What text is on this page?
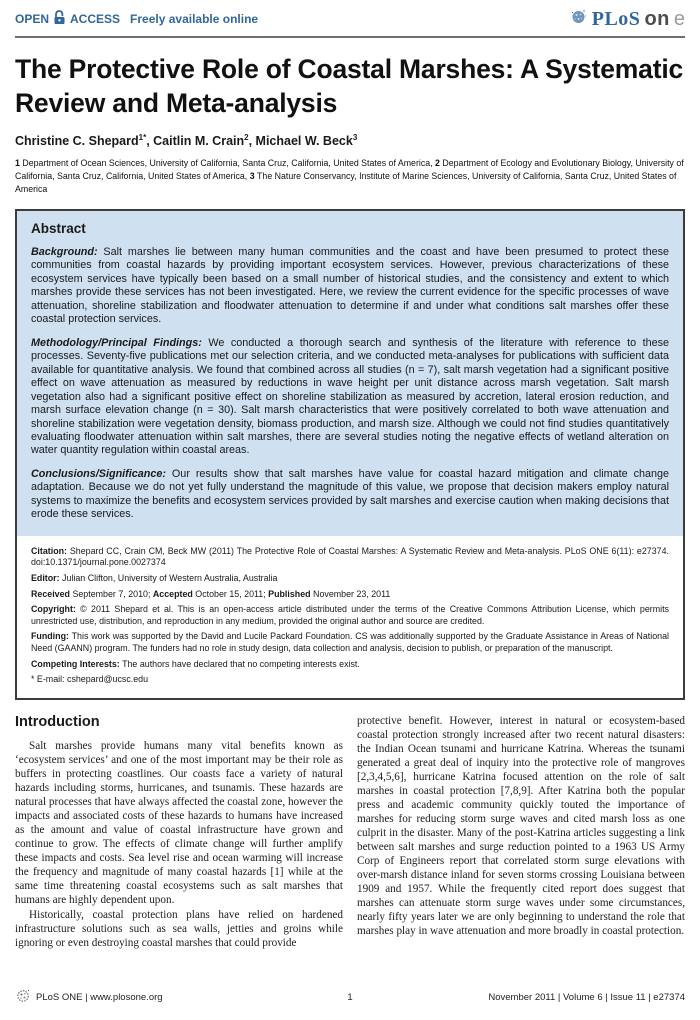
OPEN ACCESS Freely available online	PLoS on e
The Protective Role of Coastal Marshes: A Systematic Review and Meta-analysis
Christine C. Shepard$^{1*}$, Caitlin M. Crain$^2$, Michael W. Beck$^3$
1 Department of Ocean Sciences, University of California, Santa Cruz, California, United States of America, 2 Department of Ecology and Evolutionary Biology, University of California, Santa Cruz, California, United States of America, 3 The Nature Conservancy, Institute of Marine Sciences, University of California, Santa Cruz, United States of America
Abstract

Background: Salt marshes lie between many human communities and the coast and have been presumed to protect these communities from coastal hazards by providing important ecosystem services. However, previous characterizations of these ecosystem services have typically been based on a small number of historical studies, and the consistency and extent to which marshes provide these services has not been investigated. Here, we review the current evidence for the specific processes of wave attenuation, shoreline stabilization and floodwater attenuation to determine if and under what conditions salt marshes offer these coastal protection services.

Methodology/Principal Findings: We conducted a thorough search and synthesis of the literature with reference to these processes. Seventy-five publications met our selection criteria, and we conducted meta-analyses for publications with sufficient data available for quantitative analysis. We found that combined across all studies (n = 7), salt marsh vegetation had a significant positive effect on wave attenuation as measured by reductions in wave height per unit distance across marsh vegetation. Salt marsh vegetation also had a significant positive effect on shoreline stabilization as measured by accretion, lateral erosion reduction, and marsh surface elevation change (n = 30). Salt marsh characteristics that were positively correlated to both wave attenuation and shoreline stabilization were vegetation density, biomass production, and marsh size. Although we could not find studies quantitatively evaluating floodwater attenuation within salt marshes, there are several studies noting the negative effects of wetland alteration on water quantity regulation within coastal areas.

Conclusions/Significance: Our results show that salt marshes have value for coastal hazard mitigation and climate change adaptation. Because we do not yet fully understand the magnitude of this value, we propose that decision makers employ natural systems to maximize the benefits and ecosystem services provided by salt marshes and exercise caution when making decisions that erode these services.

Citation: Shepard CC, Crain CM, Beck MW (2011) The Protective Role of Coastal Marshes: A Systematic Review and Meta-analysis. PLoS ONE 6(11): e27374. doi:10.1371/journal.pone.0027374

Editor: Julian Clifton, University of Western Australia, Australia

Received September 7, 2010; Accepted October 15, 2011; Published November 23, 2011

Copyright: © 2011 Shepard et al. This is an open-access article distributed under the terms of the Creative Commons Attribution License, which permits unrestricted use, distribution, and reproduction in any medium, provided the original author and source are credited.

Funding: This work was supported by the David and Lucile Packard Foundation. CS was additionally supported by the Graduate Assistance in Areas of National Need (GAANN) program. The funders had no role in study design, data collection and analysis, decision to publish, or preparation of the manuscript.

Competing Interests: The authors have declared that no competing interests exist.

* E-mail: cshepard@ucsc.edu

Introduction

Salt marshes provide humans many vital benefits known as ‘ecosystem services’ and one of the most important may be their role as buffers in protecting coastlines. Our coasts face a variety of natural hazards including storms, hurricanes, and tsunamis. These hazards are natural processes that have always affected the coastal zone, however the impacts and associated costs of these hazards to humans have increased as the amount and value of coastal infrastructure have grown and continue to grow. The effects of climate change will further amplify these impacts and costs. Sea level rise and ocean warming will increase the frequency and magnitude of many coastal hazards [1] while at the same time threatening coastal ecosystems such as salt marshes that humans are highly dependent upon.

Historically, coastal protection plans have relied on hardened infrastructure solutions such as sea walls, jetties and groins while ignoring or even destroying coastal marshes that could provide

protective benefit. However, interest in natural or ecosystem-based coastal protection strongly increased after two recent natural disasters: the Indian Ocean tsunami and hurricane Katrina. Whereas the tsunami generated a great deal of inquiry into the protective role of mangroves [2,3,4,5,6], hurricane Katrina focused attention on the role of salt marshes in coastal protection [7,8,9]. After Katrina both the popular press and academic community quickly touted the importance of marshes for reducing storm surge waves and cited marsh loss as one culprit in the disaster. Many of the post-Katrina articles suggesting a link between salt marshes and surge reduction pointed to a 1963 US Army Corp of Engineers report that correlated storm surge elevations with over-marsh distance inland for seven storms crossing Louisiana between 1909 and 1957. While the frequently cited report does suggest that marshes can attenuate storm surge waves under some circumstances, nearly fifty years later we are only beginning to understand the role that marshes play in wave attenuation and more broadly in coastal protection.

PLoS ONE | www.plosone.org	1	November 2011 | Volume 6 | Issue 11 | e27374
